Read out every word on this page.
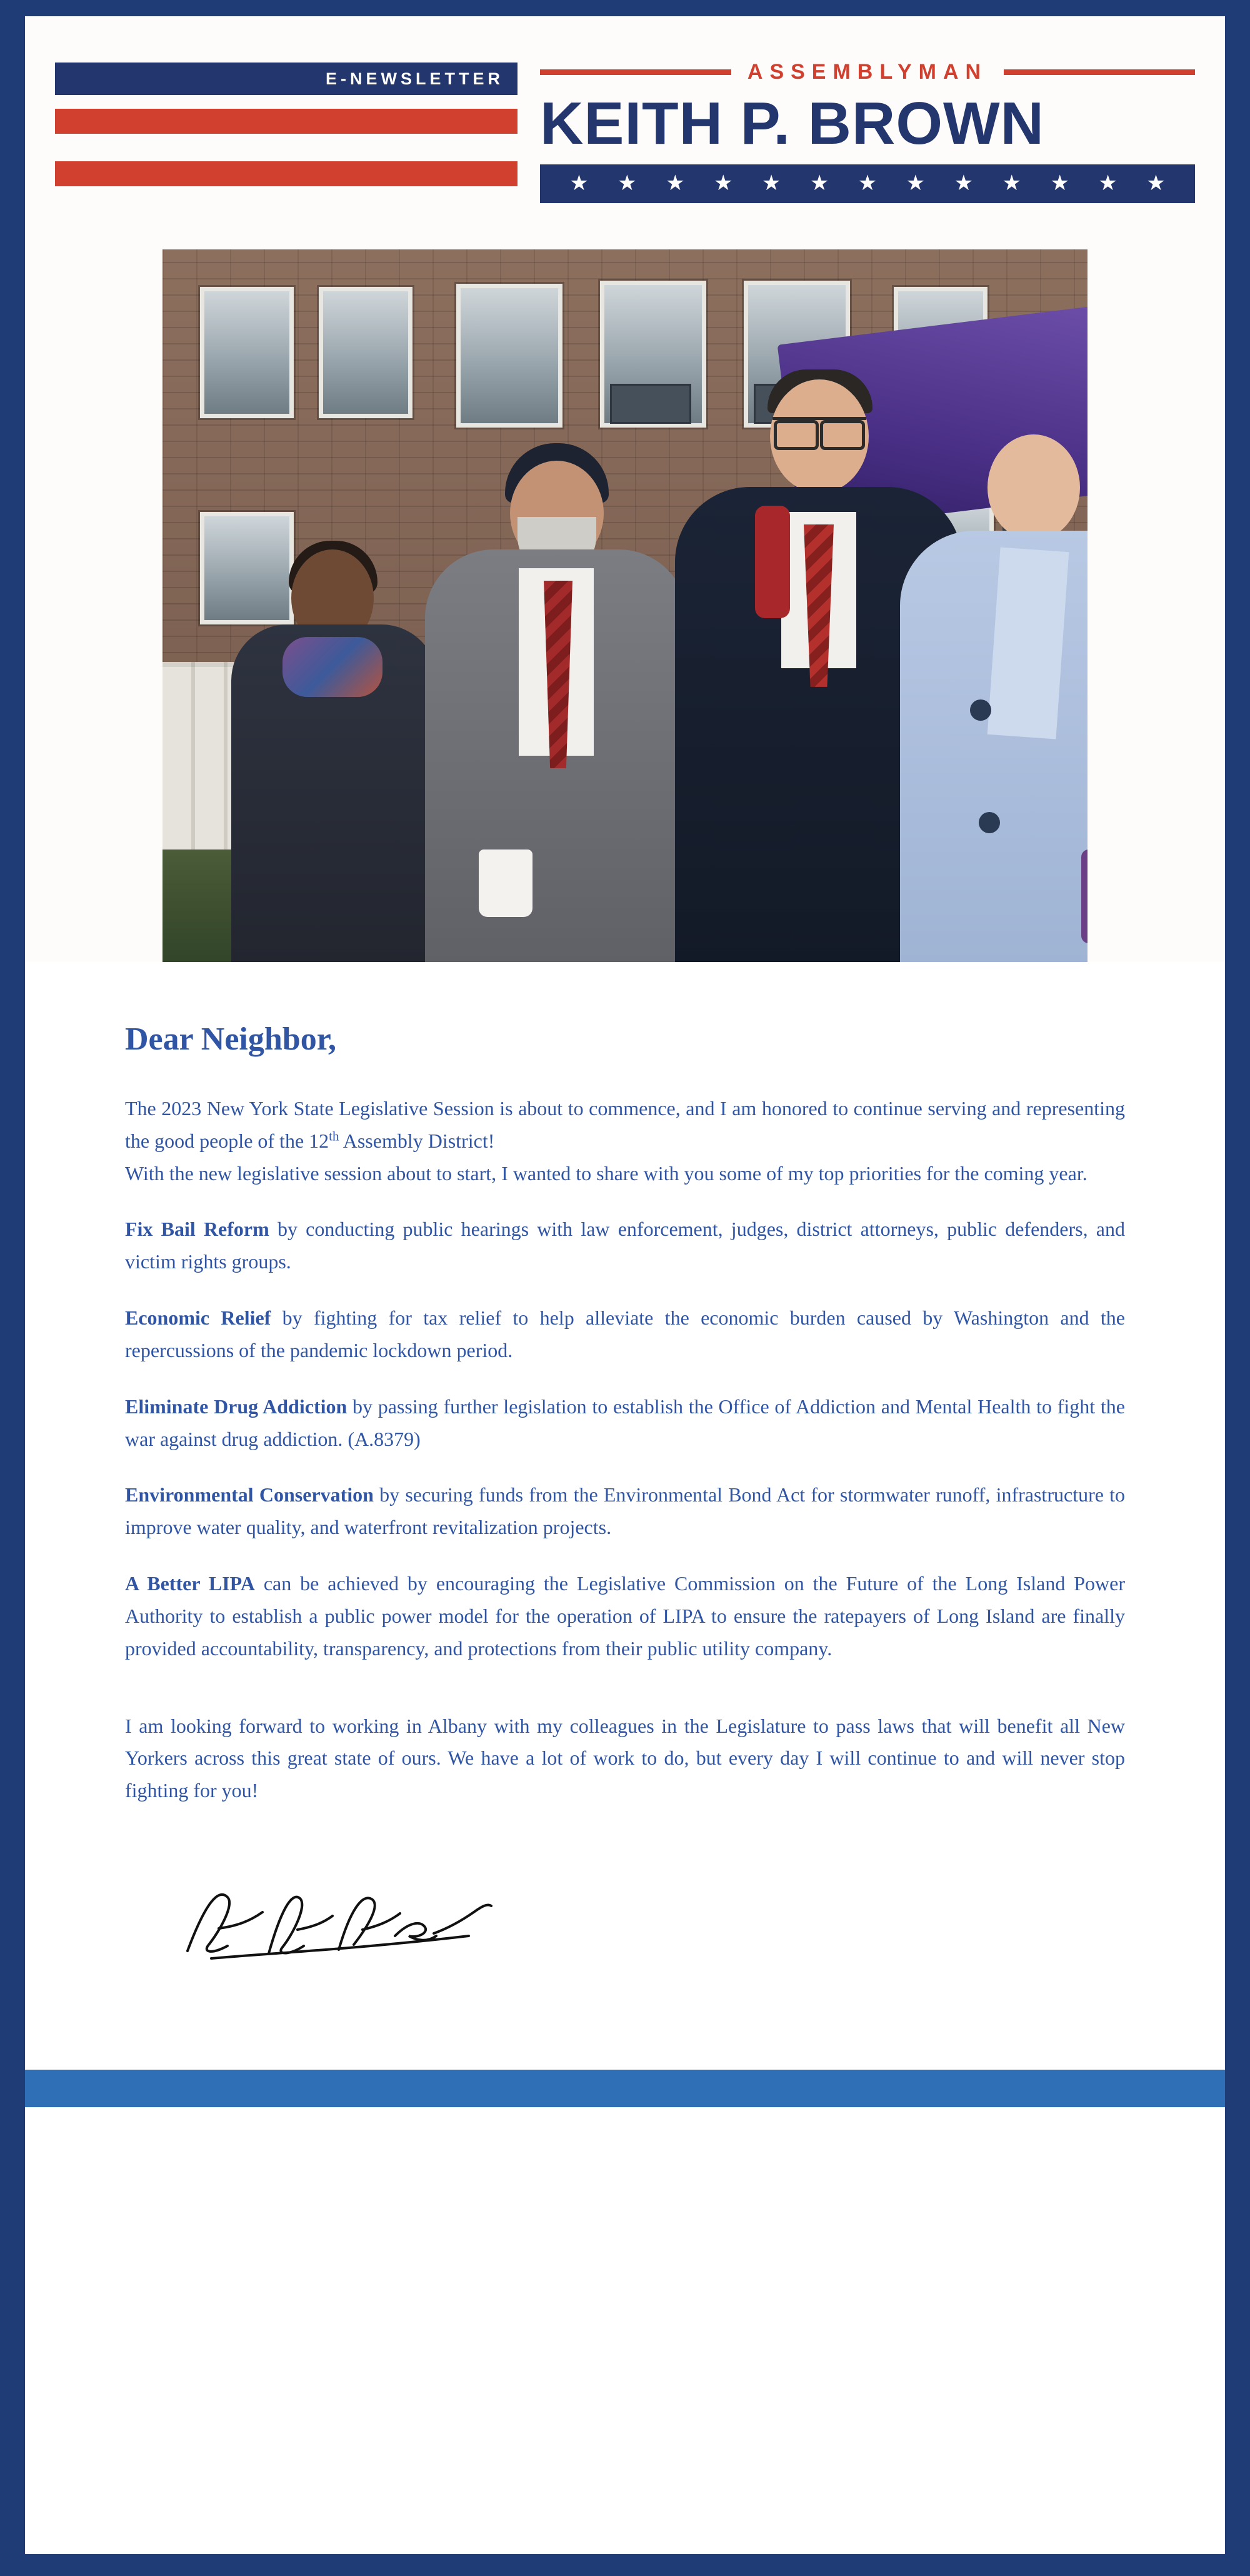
E-NEWSLETTER	ASSEMBLYMAN
KEITH P. BROWN
★ ★ ★ ★ ★ ★ ★ ★ ★ ★ ★ ★ ★
Dear Neighbor,

The 2023 New York State Legislative Session is about to commence, and I am honored to continue serving and representing the good people of the 12th Assembly District!

With the new legislative session about to start, I wanted to share with you some of my top priorities for the coming year.

Fix Bail Reform by conducting public hearings with law enforcement, judges, district attorneys, public defenders, and victim rights groups.

Economic Relief by fighting for tax relief to help alleviate the economic burden caused by Washington and the repercussions of the pandemic lockdown period.

Eliminate Drug Addiction by passing further legislation to establish the Office of Addiction and Mental Health to fight the war against drug addiction. (A.8379)

Environmental Conservation by securing funds from the Environmental Bond Act for stormwater runoff, infrastructure to improve water quality, and waterfront revitalization projects.

A Better LIPA can be achieved by encouraging the Legislative Commission on the Future of the Long Island Power Authority to establish a public power model for the operation of LIPA to ensure the ratepayers of Long Island are finally provided accountability, transparency, and protections from their public utility company.

I am looking forward to working in Albany with my colleagues in the Legislature to pass laws that will benefit all New Yorkers across this great state of ours. We have a lot of work to do, but every day I will continue to and will never stop fighting for you!
